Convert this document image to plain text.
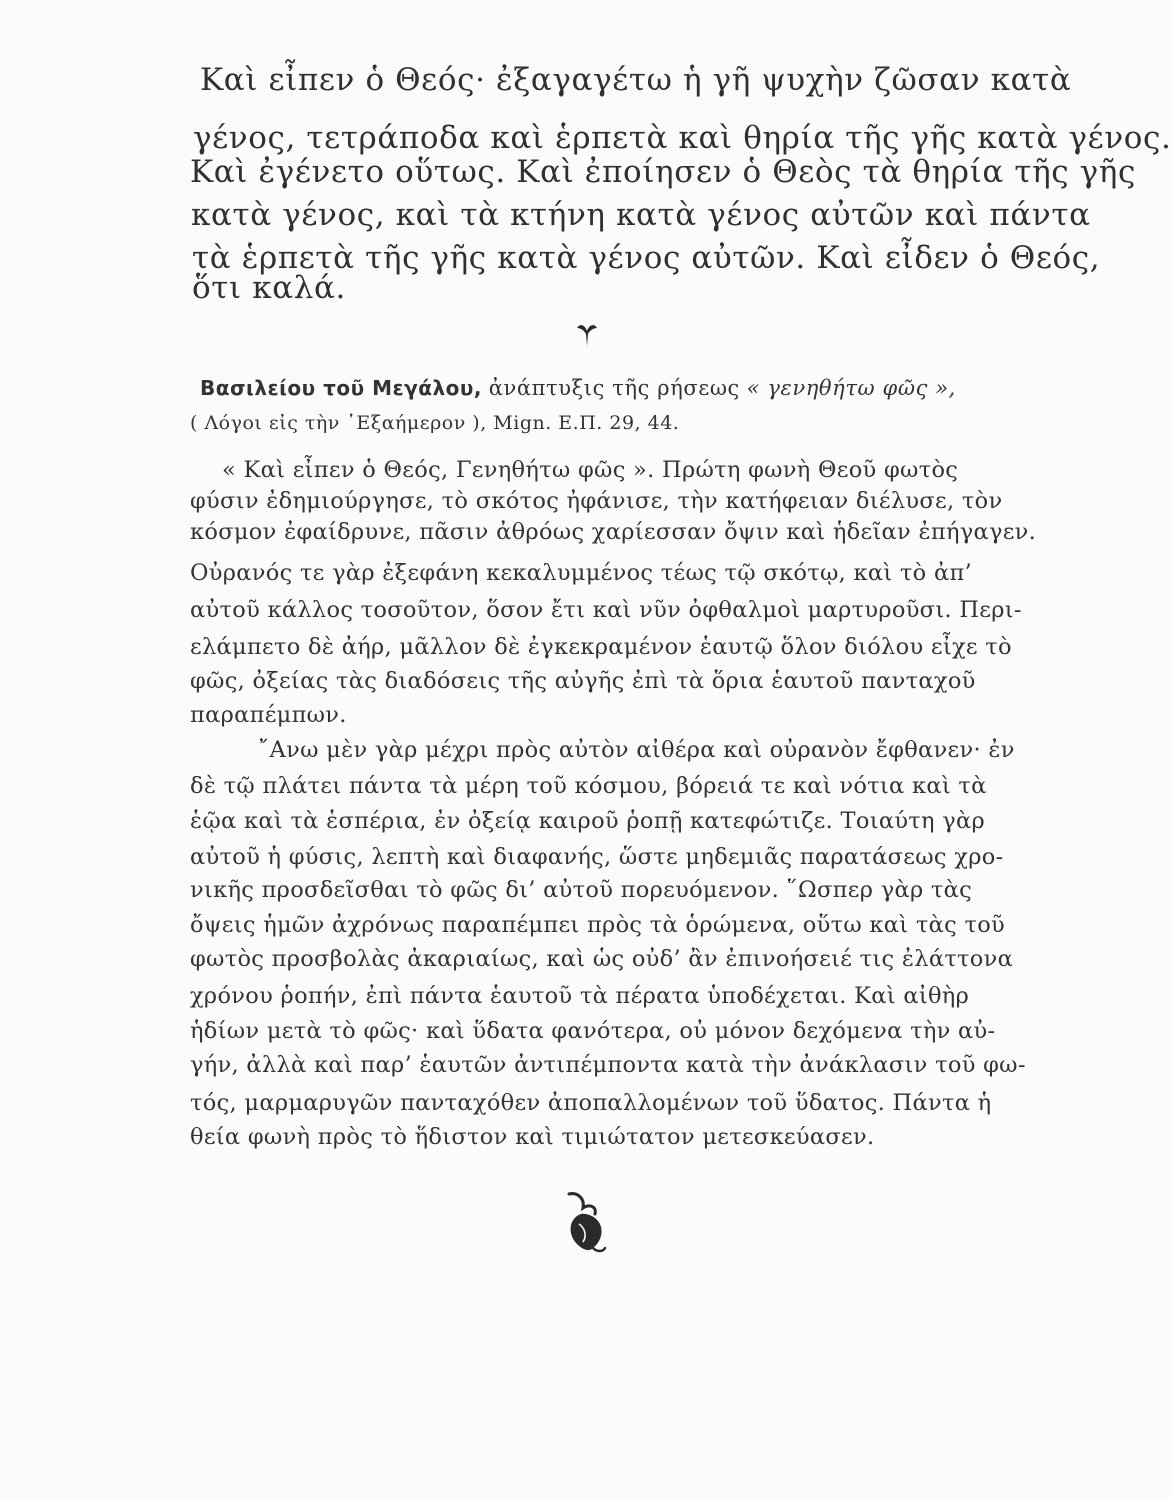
Καὶ εἶπεν ὁ Θεός· ἐξαγαγέτω ἡ γῆ ψυχὴν ζῶσαν κατὰ
γένος, τετράποδα καὶ ἑρπετὰ καὶ θηρία τῆς γῆς κατὰ γένος.
Καὶ ἐγένετο οὕτως. Καὶ ἐποίησεν ὁ Θεὸς τὰ θηρία τῆς γῆς
κατὰ γένος, καὶ τὰ κτήνη κατὰ γένος αὐτῶν καὶ πάντα
τὰ ἑρπετὰ τῆς γῆς κατὰ γένος αὐτῶν. Καὶ εἶδεν ὁ Θεός,
ὅτι καλά.
Βασιλείου τοῦ Μεγάλου, ἀνάπτυξις τῆς ρήσεως « γενηθήτω φῶς »,
( Λόγοι εἰς τὴν ῾Εξαήμερον ), Mign. E.Π. 29, 44.
« Καὶ εἶπεν ὁ Θεός, Γενηθήτω φῶς ». Πρώτη φωνὴ Θεοῦ φωτὸς
φύσιν ἐδημιούργησε, τὸ σκότος ἠφάνισε, τὴν κατήφειαν διέλυσε, τὸν
κόσμον ἐφαίδρυνε, πᾶσιν ἀθρόως χαρίεσσαν ὄψιν καὶ ἡδεῖαν ἐπήγαγεν.
Οὐρανός τε γὰρ ἐξεφάνη κεκαλυμμένος τέως τῷ σκότῳ, καὶ τὸ ἀπ’
αὐτοῦ κάλλος τοσοῦτον, ὅσον ἔτι καὶ νῦν ὀφθαλμοὶ μαρτυροῦσι. Περι-
ελάμπετο δὲ ἀήρ, μᾶλλον δὲ ἐγκεκραμένον ἑαυτῷ ὅλον διόλου εἶχε τὸ
φῶς, ὀξείας τὰς διαδόσεις τῆς αὐγῆς ἐπὶ τὰ ὅρια ἑαυτοῦ πανταχοῦ
παραπέμπων.
῎Ανω μὲν γὰρ μέχρι πρὸς αὐτὸν αἰθέρα καὶ οὐρανὸν ἔφθανεν· ἐν
δὲ τῷ πλάτει πάντα τὰ μέρη τοῦ κόσμου, βόρειά τε καὶ νότια καὶ τὰ
ἑῷα καὶ τὰ ἑσπέρια, ἐν ὀξείᾳ καιροῦ ῥοπῇ κατεφώτιζε. Τοιαύτη γὰρ
αὐτοῦ ἡ φύσις, λεπτὴ καὶ διαφανής, ὥστε μηδεμιᾶς παρατάσεως χρο-
νικῆς προσδεῖσθαι τὸ φῶς δι’ αὐτοῦ πορευόμενον. ῞Ωσπερ γὰρ τὰς
ὄψεις ἡμῶν ἀχρόνως παραπέμπει πρὸς τὰ ὁρώμενα, οὕτω καὶ τὰς τοῦ
φωτὸς προσβολὰς ἀκαριαίως, καὶ ὡς οὐδ’ ἂν ἐπινοήσειέ τις ἐλάττονα
χρόνου ῥοπήν, ἐπὶ πάντα ἑαυτοῦ τὰ πέρατα ὑποδέχεται. Καὶ αἰθὴρ
ἡδίων μετὰ τὸ φῶς· καὶ ὕδατα φανότερα, οὐ μόνον δεχόμενα τὴν αὐ-
γήν, ἀλλὰ καὶ παρ’ ἑαυτῶν ἀντιπέμποντα κατὰ τὴν ἀνάκλασιν τοῦ φω-
τός, μαρμαρυγῶν πανταχόθεν ἀποπαλλομένων τοῦ ὕδατος. Πάντα ἡ
θεία φωνὴ πρὸς τὸ ἥδιστον καὶ τιμιώτατον μετεσκεύασεν.
